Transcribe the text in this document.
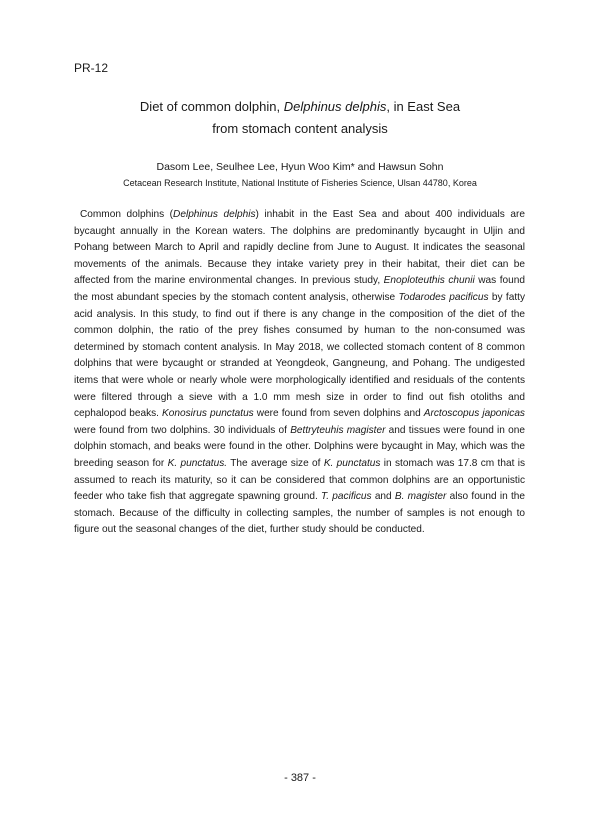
PR-12
Diet of common dolphin, Delphinus delphis, in East Sea
from stomach content analysis
Dasom Lee, Seulhee Lee, Hyun Woo Kim* and Hawsun Sohn
Cetacean Research Institute, National Institute of Fisheries Science, Ulsan 44780, Korea
Common dolphins (Delphinus delphis) inhabit in the East Sea and about 400 individuals are bycaught annually in the Korean waters. The dolphins are predominantly bycaught in Uljin and Pohang between March to April and rapidly decline from June to August. It indicates the seasonal movements of the animals. Because they intake variety prey in their habitat, their diet can be affected from the marine environmental changes. In previous study, Enoploteuthis chunii was found the most abundant species by the stomach content analysis, otherwise Todarodes pacificus by fatty acid analysis. In this study, to find out if there is any change in the composition of the diet of the common dolphin, the ratio of the prey fishes consumed by human to the non-consumed was determined by stomach content analysis. In May 2018, we collected stomach content of 8 common dolphins that were bycaught or stranded at Yeongdeok, Gangneung, and Pohang. The undigested items that were whole or nearly whole were morphologically identified and residuals of the contents were filtered through a sieve with a 1.0 mm mesh size in order to find out fish otoliths and cephalopod beaks. Konosirus punctatus were found from seven dolphins and Arctoscopus japonicas were found from two dolphins. 30 individuals of Bettryteuhis magister and tissues were found in one dolphin stomach, and beaks were found in the other. Dolphins were bycaught in May, which was the breeding season for K. punctatus. The average size of K. punctatus in stomach was 17.8 cm that is assumed to reach its maturity, so it can be considered that common dolphins are an opportunistic feeder who take fish that aggregate spawning ground. T. pacificus and B. magister also found in the stomach. Because of the difficulty in collecting samples, the number of samples is not enough to figure out the seasonal changes of the diet, further study should be conducted.
- 387 -
